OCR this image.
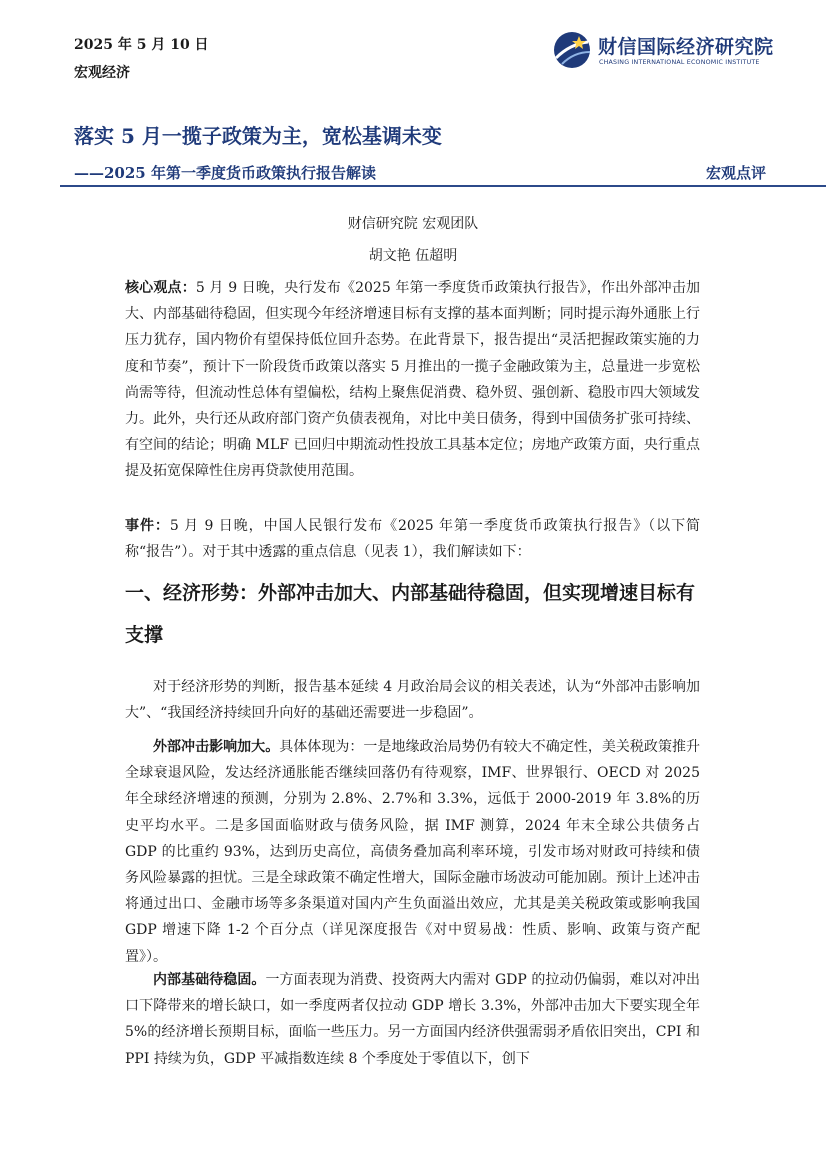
2025 年 5 月 10 日
宏观经济
财信国际经济研究院
CHASING INTERNATIONAL ECONOMIC INSTITUTE
落实 5 月一揽子政策为主，宽松基调未变
——2025 年第一季度货币政策执行报告解读	宏观点评
财信研究院 宏观团队
胡文艳 伍超明
核心观点：5 月 9 日晚，央行发布《2025 年第一季度货币政策执行报告》，作出外部冲击加大、内部基础待稳固，但实现今年经济增速目标有支撑的基本面判断；同时提示海外通胀上行压力犹存，国内物价有望保持低位回升态势。在此背景下，报告提出“灵活把握政策实施的力度和节奏”，预计下一阶段货币政策以落实 5 月推出的一揽子金融政策为主，总量进一步宽松尚需等待，但流动性总体有望偏松，结构上聚焦促消费、稳外贸、强创新、稳股市四大领域发力。此外，央行还从政府部门资产负债表视角，对比中美日债务，得到中国债务扩张可持续、有空间的结论；明确 MLF 已回归中期流动性投放工具基本定位；房地产政策方面，央行重点提及拓宽保障性住房再贷款使用范围。
事件：5 月 9 日晚，中国人民银行发布《2025 年第一季度货币政策执行报告》（以下简称“报告”）。对于其中透露的重点信息（见表 1），我们解读如下：
一、经济形势：外部冲击加大、内部基础待稳固，但实现增速目标有支撑
对于经济形势的判断，报告基本延续 4 月政治局会议的相关表述，认为“外部冲击影响加大”、“我国经济持续回升向好的基础还需要进一步稳固”。
外部冲击影响加大。具体体现为：一是地缘政治局势仍有较大不确定性，美关税政策推升全球衰退风险，发达经济通胀能否继续回落仍有待观察，IMF、世界银行、OECD 对 2025 年全球经济增速的预测，分别为 2.8%、2.7%和 3.3%，远低于 2000-2019 年 3.8%的历史平均水平。二是多国面临财政与债务风险，据 IMF 测算，2024 年末全球公共债务占 GDP 的比重约 93%，达到历史高位，高债务叠加高利率环境，引发市场对财政可持续和债务风险暴露的担忧。三是全球政策不确定性增大，国际金融市场波动可能加剧。预计上述冲击将通过出口、金融市场等多条渠道对国内产生负面溢出效应，尤其是美关税政策或影响我国 GDP 增速下降 1-2 个百分点（详见深度报告《对中贸易战：性质、影响、政策与资产配置》）。
内部基础待稳固。一方面表现为消费、投资两大内需对 GDP 的拉动仍偏弱，难以对冲出口下降带来的增长缺口，如一季度两者仅拉动 GDP 增长 3.3%，外部冲击加大下要实现全年 5%的经济增长预期目标，面临一些压力。另一方面国内经济供强需弱矛盾依旧突出，CPI 和 PPI 持续为负，GDP 平减指数连续 8 个季度处于零值以下，创下
